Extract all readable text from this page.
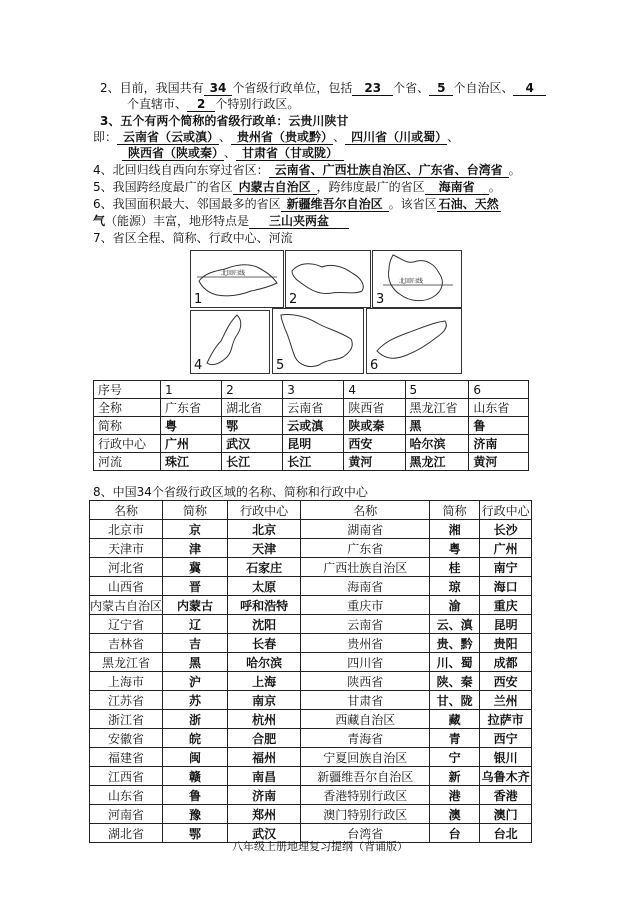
2、目前，我国共有 34 个省级行政单位，包括 23 个省、 5 个自治区、 4
个直辖市、 2 个特别行政区。
3、五个有两个简称的省级行政单：云贵川陕甘
即： 云南省（云或滇） 、 贵州省（贵或黔） 、 四川省（川或蜀） 、
陕西省（陕或秦） 、 甘肃省（甘或陇）
4、北回归线自西向东穿过省区： 云南省、广西壮族自治区、广东省、台湾省 。
5、我国跨经度最广的省区 内蒙古自治区 ，跨纬度最广的省区 海南省 。
6、我国面积最大、邻国最多的省区 新疆维吾尔自治区 。该省区 石油、天然
气（能源）丰富，地形特点是 三山夹两盆
7、省区全程、简称、行政中心、河流
北回归线
1	2
北回归线
3
4	5	6
序号	1	2	3	4	5	6
全称	广东省	湖北省	云南省	陕西省	黑龙江省	山东省
简称	粤	鄂	云或滇	陕或秦	黑	鲁
行政中心	广州	武汉	昆明	西安	哈尔滨	济南
河流	珠江	长江	长江	黄河	黑龙江	黄河
8、中国34个省级行政区域的名称、简称和行政中心
名称	简称	行政中心	名称	简称	行政中心
北京市	京	北京	湖南省	湘	长沙
天津市	津	天津	广东省	粤	广州
河北省	冀	石家庄	广西壮族自治区	桂	南宁
山西省	晋	太原	海南省	琼	海口
内蒙古自治区	内蒙古	呼和浩特	重庆市	渝	重庆
辽宁省	辽	沈阳	云南省	云、滇	昆明
吉林省	吉	长春	贵州省	贵、黔	贵阳
黑龙江省	黑	哈尔滨	四川省	川、蜀	成都
上海市	沪	上海	陕西省	陕、秦	西安
江苏省	苏	南京	甘肃省	甘、陇	兰州
浙江省	浙	杭州	西藏自治区	藏	拉萨市
安徽省	皖	合肥	青海省	青	西宁
福建省	闽	福州	宁夏回族自治区	宁	银川
江西省	赣	南昌	新疆维吾尔自治区	新	乌鲁木齐
山东省	鲁	济南	香港特别行政区	港	香港
河南省	豫	郑州	澳门特别行政区	澳	澳门
湖北省	鄂	武汉	台湾省	台	台北
八年级上册地理复习提纲（背诵版）
